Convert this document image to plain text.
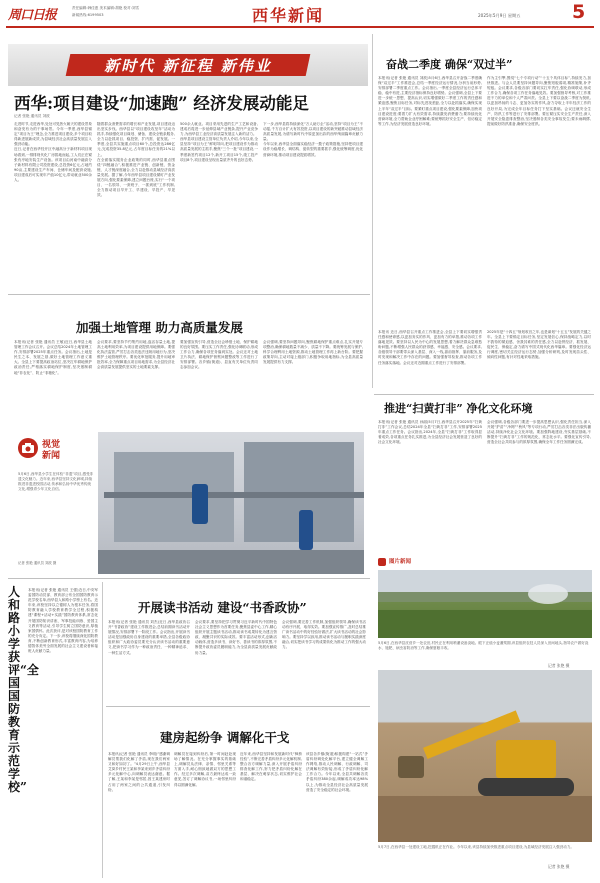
周口日报	责任编辑:韩佳惠 美术编辑:胡艳 校对:刘雪
新闻热线:6199503	西华新闻	2025年5月9日 星期五	5
新时代 新征程 新伟业
西华:项目建设“加速跑” 经济发展动能足
记者 张艳 通讯员 刘波

走进时节,走进西华,处处可见热火朝天的建设景象和奋发有为的干事场景。今年一季度,西华县锚定“项目为王”理念,全力推进项目建设,多个项目取得新进展新成效,为县域经济社会高质量发展注入强劲动能。

近日,记者在西华经开区中融高分子新材料项目现场看到,一排排现代化厂房拔地而起,工人们正在紧张有序地安装生产设备。该项目由河南中融高分子新材料有限公司投资建设,总投资6亿元,占地约90亩,主要建设生产车间、仓储车间及配套设施,项目建成后可实现年产值10亿元,带动就业500余人。

随着群众消费需求的增长和产业发展,项目建设迈出坚实步伐。西华县以“项目建设攻坚年”活动为抓手,持续强化项目谋划、储备、建设全链条服务,全力以赴抓项目、稳投资、扩内需、促发展。一季度,全县共实施重点项目60个,总投资达286亿元,完成投资35.8亿元,占年度目标任务的21%以上。

在全面落实服务企业政策的同时,西华县重点围绕“四链融合”,积极推进产业链、创新链、资金链、人才链深度融合,全力以赴推动县域经济高质量发展。据了解,今年西华县项目建设紧盯产业发展方向,强化要素保障,建立问题台账,实行“一个项目、一名领导、一套班子、一抓到底”工作机制,全力推动项目早开工、早建设、早投产、早见效。

500余人就业。项目采用先进的生产工艺和设备,建成后将进一步延伸县域产业链条,提升产业竞争力,为西华县工业经济高质量发展注入新的活力。

西华县项目建设主管单位负责人介绍,今年以来,全县坚持“项目为王”鲜明导向,把项目建设作为推动高质量发展的主抓手,聚焦“三个一批”项目建设,一季度新签约项目12个,新开工项目15个,竣工投产项目8个,项目建设呈现出量质齐升的良好态势。

下一步,西华县将持续深化“万人助万企”活动,坚持“项目为王”不动摇,千方百计扩大有效投资,以项目建设的新突破推动县域经济高质量发展,为谱写新时代中原更加出彩的西华绚丽篇章贡献力量。

今年以来,西华县全面落实稳经济一揽子政策措施,坚持把项目建设作为稳增长、调结构、促转型的重要抓手,强化统筹调度,优化营商环境,推动项目建设提质增效。

奋战二季度 确保“双过半”

本报讯(记者 张艳 通讯员 刘波)5月6日,西华县召开奋战二季度确保“双过半”工作推进会,总结一季度经济运行情况,分析当前形势,安排部署二季度重点工作。会议指出,一季度全县经济运行总体平稳、稳中有进,主要经济指标保持良好增势。会议强调,全县上下要进一步统一思想、提高认识,切实增强做好二季度工作的责任感和紧迫感,聚焦目标任务,对标先进找差距,全力以赴抓落实,确保实现上半年“双过半”目标。要紧盯重点项目建设,强化要素保障,加快项目建设进度;要着力扩大有效需求,持续激发消费潜力;要持续优化营商环境,全力帮助企业纾困解难;要统筹抓好安全生产、信访稳定等工作,为经济发展营造良好环境。

作为主引擎,围绕“七个专项行动”“十五个具体目标”,持续发力,加快推进。与会人员要坚持问题导向,聚焦短板弱项,精准施策,补齐短板。会议要求,各级各部门要切实扛牢责任,强化协调联动,形成工作合力,确保各项工作任务落地见效。要加强督导考核,对工作推进不力的单位和个人严肃问责。全县上下要以奋战二季度为契机,以更加昂扬的斗志、更加务实的作风,奋力夺取上半年经济工作的良好开局,为完成全年目标任务打下坚实基础。会议还就安全生产、防汛工作等进行了安排部署。要压紧压实安全生产责任,深入开展安全隐患排查整治,坚决遏制各类安全事故发生;要未雨绸缪,提前做好防汛准备,确保安全度汛。

加强土地管理 助力高质量发展

本报讯(记者 张艳 通讯员 王敏)近日,西华县土地管理工作会议召开。会议总结2024年土地管理工作,安排部署2025年重点任务。会议指出,土地是民生之本、发展之基,做好土地管理工作意义重大。全县上下要提高政治站位,坚决扛牢耕地保护政治责任,严格落实耕地保护制度,坚决遏制耕地“非农化”、防止“非粮化”。

会议要求,要坚持节约集约用地,盘活存量土地,提高土地利用效率,为项目建设提供用地保障。要强化执法监管,严厉打击各类违法违规用地行为,坚决维护土地管理秩序。要优化审批服务,提升用地审批效率,全力保障重点项目用地需求,为全县经济社会高质量发展提供坚实的土地要素支撑。

要加强宣传引导,营造全社会珍惜土地、保护耕地的良好氛围。要压实工作责任,强化协调联动,形成工作合力,确保各项任务落到实处。会议还对土地卫片执法、耕地保护督察问题整改等工作进行了安排部署。各乡镇(街道)、县直有关单位负责同志参加会议。

会议强调,要坚持问题导向,聚焦耕地保护重点难点,扎实开展专项整治,确保耕地数量不减少、质量不下降。要统筹发展与保护,科学合理利用土地资源,推动土地管理工作再上新台阶。要把握政策导向,主动对接上级部门,积极争取用地指标,为全县高质量发展提供有力支撑。

本报讯 近日,西华县召开重点工作推进会,全县上下要切实增强责任感和使命感,以更加务实的作风、更加有力的举措,推动各项工作落地见效。要坚持以人民为中心的发展思想,着力解决群众急难愁盼问题,不断增强人民群众的获得感、幸福感、安全感。会议要求,各级领导干部要带头深入基层、深入一线,靠前指挥、靠前服务,及时发现和解决工作中存在的问题。要加强督导检查,推动各项工作任务落实落地。会议还对近期重点工作进行了安排部署。

2025年是“十四五”规划收官之年,也是谋划“十五五”发展的关键之年。全县上下要锚定目标任务,坚定发展信心,保持战略定力,以时不我待的紧迫感、舍我其谁的责任感,全力以赴拼经济、抓发展、促民生、保稳定,奋力谱写中国式现代化西华篇章。要强化经济运行调度,密切关注经济运行态势,加强分析研判,及时发现苗头性、倾向性问题,有针对性地采取措施。

视觉
新闻
5月6日,西华县小学生在体验“非遗”项目,感受非遗文化魅力。近年来,西华县坚持文化润城,持续推进非遗进校园活动,传承和弘扬中华优秀传统文化,增强青少年文化自信。
记者 张艳 通讯员 刘波 摄
推进“扫黄打非” 净化文化环境

本报讯(记者 张艳 通讯员 孙丽)5月7日,西华县召开2025年“扫黄打非”工作会议,总结2024年全县“扫黄打非”工作,安排部署2025年重点工作任务。会议指出,2024年,全县“扫黄打非”工作取得显著成效,各项重点任务扎实推进,为全县经济社会发展营造了良好的社会文化环境。

会议强调,各级各部门要进一步提高思想认识,强化责任担当,深入开展“护苗”“净网”“秋风”等专项行动,严厉打击各类非法出版传播活动,持续净化社会文化环境。要加强阵地建设,夯实基层基础,不断提升“扫黄打非”工作的规范化、常态化水平。要强化宣传引导,营造全社会共同参与的浓厚氛围,确保全年工作任务圆满完成。

图片新闻
5月6日,在西华县皮营乡一处农田,村民正在利用喷灌设备浇地。眼下正值小麦灌浆期,该县组织农技人员深入田间地头,指导农户做好浇水、施肥、病虫害防治等工作,确保夏粮丰收。
记者 张艳 摄
5月7日,在西华县一处建设工地,挖掘机正在作业。今年以来,该县持续加快推进重点项目建设,为县域经济发展注入强劲动力。
记者 张艳 摄
人和路小学获评“全国国防教育示范学校”

本报讯(记者 张艳 通讯员 王强)近日,中央军委国防动员部、教育部公布全国国防教育示范学校名单,西华县人和路小学榜上有名。近年来,该校坚持以立德树人为根本任务,将国防教育融入学校教育教学全过程,积极构建“课程+活动+实践”国防教育体系,常态化开展国防知识讲座、军事技能训练、爱国主义教育等活动,引导学生树立国防意识,厚植家国情怀。此次获评,是对该校国防教育工作的充分肯定。下一步,该校将继续深化国防教育,不断创新教育形式,丰富教育内容,为培养德智体美劳全面发展的社会主义建设者和接班人贡献力量。

开展读书活动 建设“书香政协”

本报讯(记者 张艳 通讯员 刘杰)近日,西华县政协召开“书香政协”建设工作推进会,总结前期读书活动开展情况,安排部署下一阶段工作。会议指出,开展读书活动是加强政协自身建设的重要举措,全县各级政协组织和广大政协委员要充分认识读书活动的重要意义,把读书学习作为一种政治责任、一种精神追求、一种生活方式。

会议要求,要坚持把学习贯彻习近平新时代中国特色社会主义思想作为首要任务,聚焦县委中心工作,精心组织开展主题读书活动,推动读书成果转化为建言资政、凝聚共识的实际成效。要丰富活动形式,创新活动载体,营造多读书、读好书、善读书的浓厚氛围,不断提升政协委员履职能力,为全县高质量发展贡献政协力量。

会议强调,要完善工作机制,加强组织领导,确保读书活动有序开展、取得实效。要加强宣传推广,及时总结推广读书活动中的好经验好做法,扩大读书活动的社会影响力。要坚持学以致用,推动读书活动与履职实践深度融合,切实把读书学习的成果转化为推动工作的强大动力。

建房起纷争 调解化干戈

本报讯(记者 张艳 通讯员 李明)“感谢调解员帮我们化解了矛盾,现在我们两家又和好如初了。”4月29日上午,西华县艾岗乡村民王某和李某来到乡矛盾纠纷多元化解中心,向调解员表达谢意。据了解,王某和李某是邻居,因王某建房时占用了两家之间的公共通道,引发纠纷。

调解员在接到纠纷后,第一时间赶赴现场了解情况。在充分掌握事实的基础上,调解员从法律、亲情、邻里关系等方面入手,耐心细致地做双方的思想工作。经过多次调解,双方最终达成一致意见,签订了调解协议书,一场邻里纠纷得以圆满化解。

近年来,西华县坚持和发展新时代“枫桥经验”,不断完善矛盾纠纷多元化解机制,整合各方调解力量,深入开展矛盾纠纷排查化解工作,努力把矛盾纠纷化解在基层、解决在萌芽状态,切实维护社会和谐稳定。

该县各乡镇(街道)积极构建“一站式”矛盾纠纷调处化解平台,建立健全调解工作网络,推动人民调解、行政调解、司法调解有效衔接,形成了矛盾纠纷化解工作合力。今年以来,全县共调解各类矛盾纠纷380余起,调解成功率达98%以上,为推动全县经济社会高质量发展营造了安全稳定的社会环境。
